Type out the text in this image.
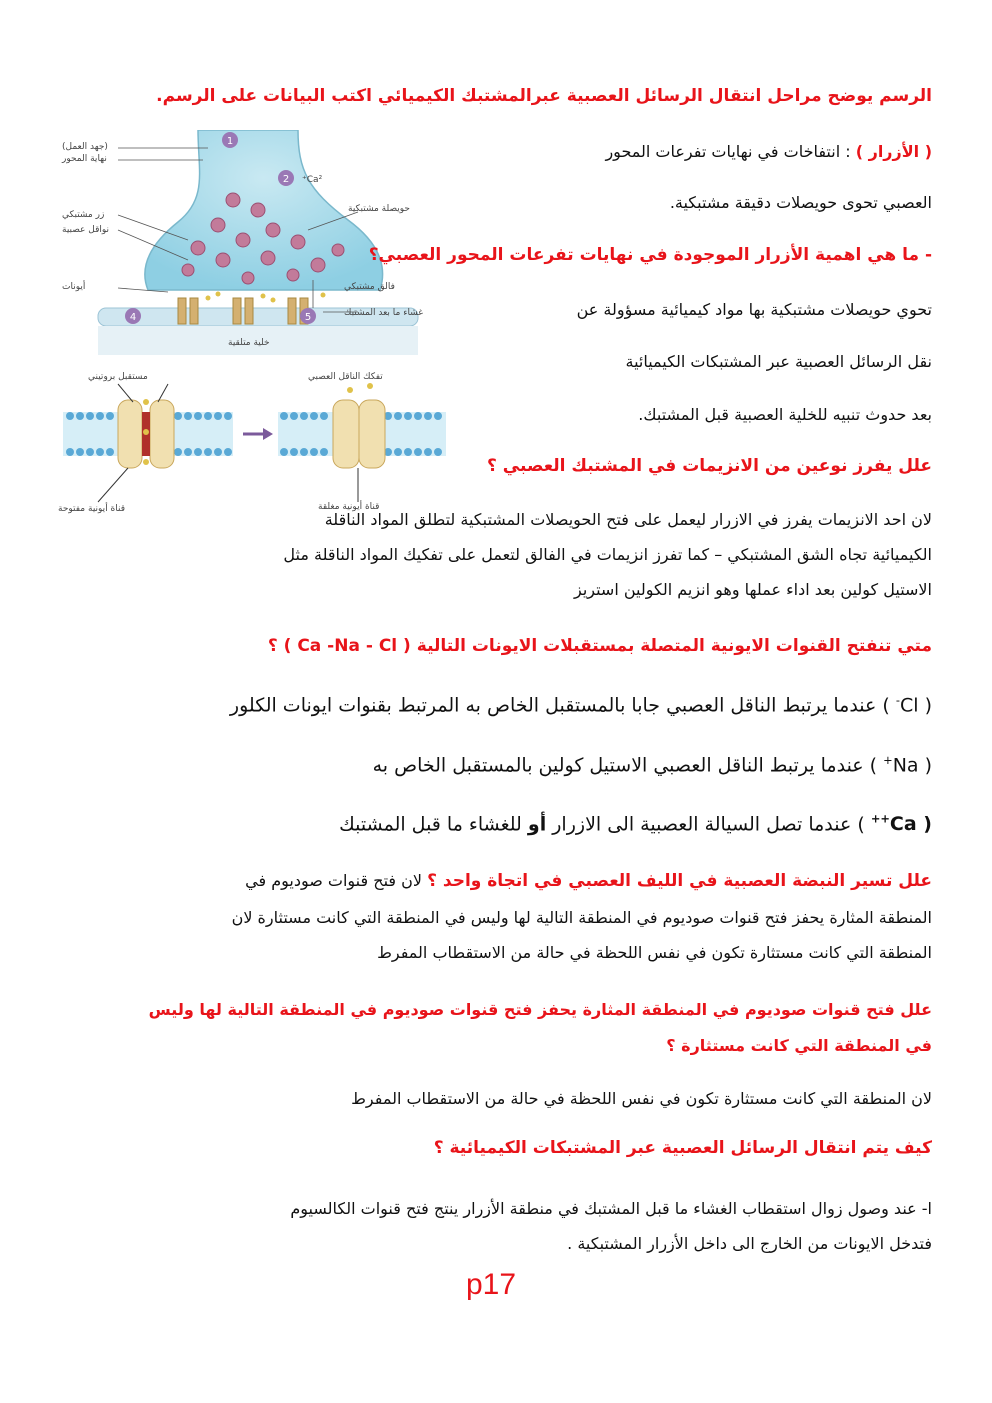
الرسم يوضح مراحل انتقال الرسائل العصبية عبرالمشتبك الكيميائي اكتب البيانات على الرسم.
1
2
4	5
(جهد العمل)
نهاية المحور
Ca²⁺
حويصلة مشتبكية
زر مشتبكي
نواقل عصبية
أيونات	فالق مشتبكي
غشاء ما بعد المشتبك
خلية متلقية
مستقبل بروتيني	تفكك الناقل العصبي
قناة أيونية مفتوحة	قناة أيونية مغلقة
( الأزرار ) : انتفاخات في نهايات تفرعات المحور
العصبي تحوى حويصلات دقيقة مشتبكية.
- ما هي اهمية الأزرار الموجودة في نهايات تفرعات المحور العصبي؟
تحوي حويصلات مشتبكية بها مواد كيميائية مسؤولة عن
نقل الرسائل العصبية عبر المشتبكات الكيميائية
بعد حدوث تنبيه للخلية العصبية قبل المشتبك.
علل يفرز نوعين من الانزيمات في المشتبك العصبي ؟
لان احد الانزيمات يفرز في الازرار ليعمل على فتح الحويصلات المشتبكية لتطلق المواد الناقلة
الكيميائية تجاه الشق المشتبكي – كما تفرز انزيمات في الفالق لتعمل على تفكيك المواد الناقلة مثل
الاستيل كولين بعد اداء عملها وهو انزيم الكولين استريز
متي تنفتح القنوات الايونية المتصلة بمستقبلات الايونات التالية ( Ca -Na - Cl ) ؟
( Cl- ) عندما يرتبط الناقل العصبي جابا بالمستقبل الخاص به المرتبط بقنوات ايونات الكلور
( Na+ ) عندما يرتبط الناقل العصبي الاستيل كولين بالمستقبل الخاص به
( Ca++ ) عندما تصل السيالة العصبية الى الازرار أو للغشاء ما قبل المشتبك
علل تسير النبضة العصبية في الليف العصبي في اتجاة واحد ؟ لان فتح قنوات صوديوم في
المنطقة المثارة يحفز فتح قنوات صوديوم في المنطقة التالية لها وليس في المنطقة التي كانت مستثارة لان
المنطقة التي كانت مستثارة تكون في نفس اللحظة في حالة من الاستقطاب المفرط
علل فتح قنوات صوديوم في المنطقة المثارة يحفز فتح قنوات صوديوم في المنطقة التالية لها وليس
في المنطقة التي كانت مستثارة ؟
لان المنطقة التي كانت مستثارة تكون في نفس اللحظة في حالة من الاستقطاب المفرط
كيف يتم انتقال الرسائل العصبية عبر المشتبكات الكيميائية ؟
ا- عند وصول زوال استقطاب الغشاء ما قبل المشتبك في منطقة الأزرار ينتج فتح قنوات الكالسيوم
فتدخل الايونات من الخارج الى داخل الأزرار المشتبكية .
p17
